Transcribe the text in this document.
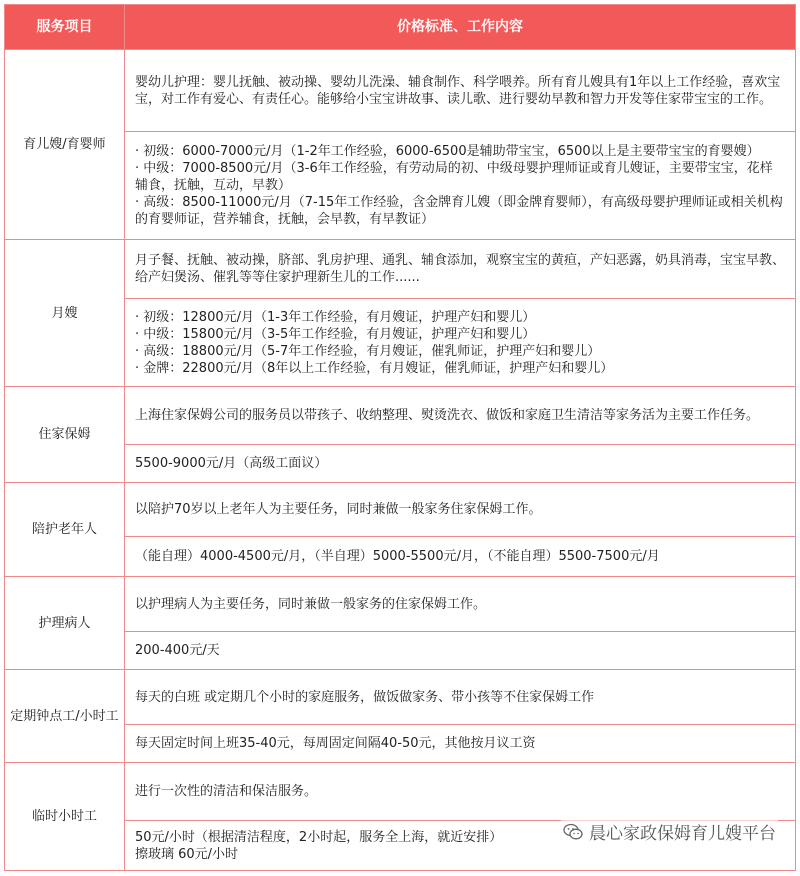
服务项目	价格标准、工作内容
育儿嫂/育婴师	婴幼儿护理：婴儿抚触、被动操、婴幼儿洗澡、辅食制作、科学喂养。所有育儿嫂具有1年以上工作经验，喜欢宝宝，对工作有爱心、有责任心。能够给小宝宝讲故事、读儿歌、进行婴幼早教和智力开发等住家带宝宝的工作。

	· 初级：6000-7000元/月（1-2年工作经验，6000-6500是辅助带宝宝，6500以上是主要带宝宝的育婴嫂）
· 中级：7000-8500元/月（3-6年工作经验，有劳动局的初、中级母婴护理师证或育儿嫂证，主要带宝宝，花样辅食，抚触，互动，早教）
· 高级：8500-11000元/月（7-15年工作经验，含金牌育儿嫂（即金牌育婴师），有高级母婴护理师证或相关机构的育婴师证，营养辅食，抚触，会早教，有早教证）

月嫂	月子餐、抚触、被动操，脐部、乳房护理、通乳、辅食添加，观察宝宝的黄疸，产妇恶露，奶具消毒，宝宝早教、给产妇煲汤、催乳等等住家护理新生儿的工作......

	· 初级：12800元/月（1-3年工作经验，有月嫂证，护理产妇和婴儿）
· 中级：15800元/月（3-5年工作经验，有月嫂证，护理产妇和婴儿）
· 高级：18800元/月（5-7年工作经验，有月嫂证，催乳师证，护理产妇和婴儿）
· 金牌：22800元/月（8年以上工作经验，有月嫂证，催乳师证，护理产妇和婴儿）

住家保姆	上海住家保姆公司的服务员以带孩子、收纳整理、熨烫洗衣、做饭和家庭卫生清洁等家务活为主要工作任务。

	5500-9000元/月（高级工面议）

陪护老年人	以陪护70岁以上老年人为主要任务，同时兼做一般家务住家保姆工作。

	（能自理）4000-4500元/月，（半自理）5000-5500元/月，（不能自理）5500-7500元/月

护理病人	以护理病人为主要任务，同时兼做一般家务的住家保姆工作。

	200-400元/天

定期钟点工/小时工	每天的白班 或定期几个小时的家庭服务，做饭做家务、带小孩等不住家保姆工作

	每天固定时间上班35-40元，每周固定间隔40-50元，其他按月议工资

临时小时工	进行一次性的清洁和保洁服务。

	50元/小时（根据清洁程度，2小时起，服务全上海，就近安排）
擦玻璃 60元/小时
晨心家政保姆育儿嫂平台
